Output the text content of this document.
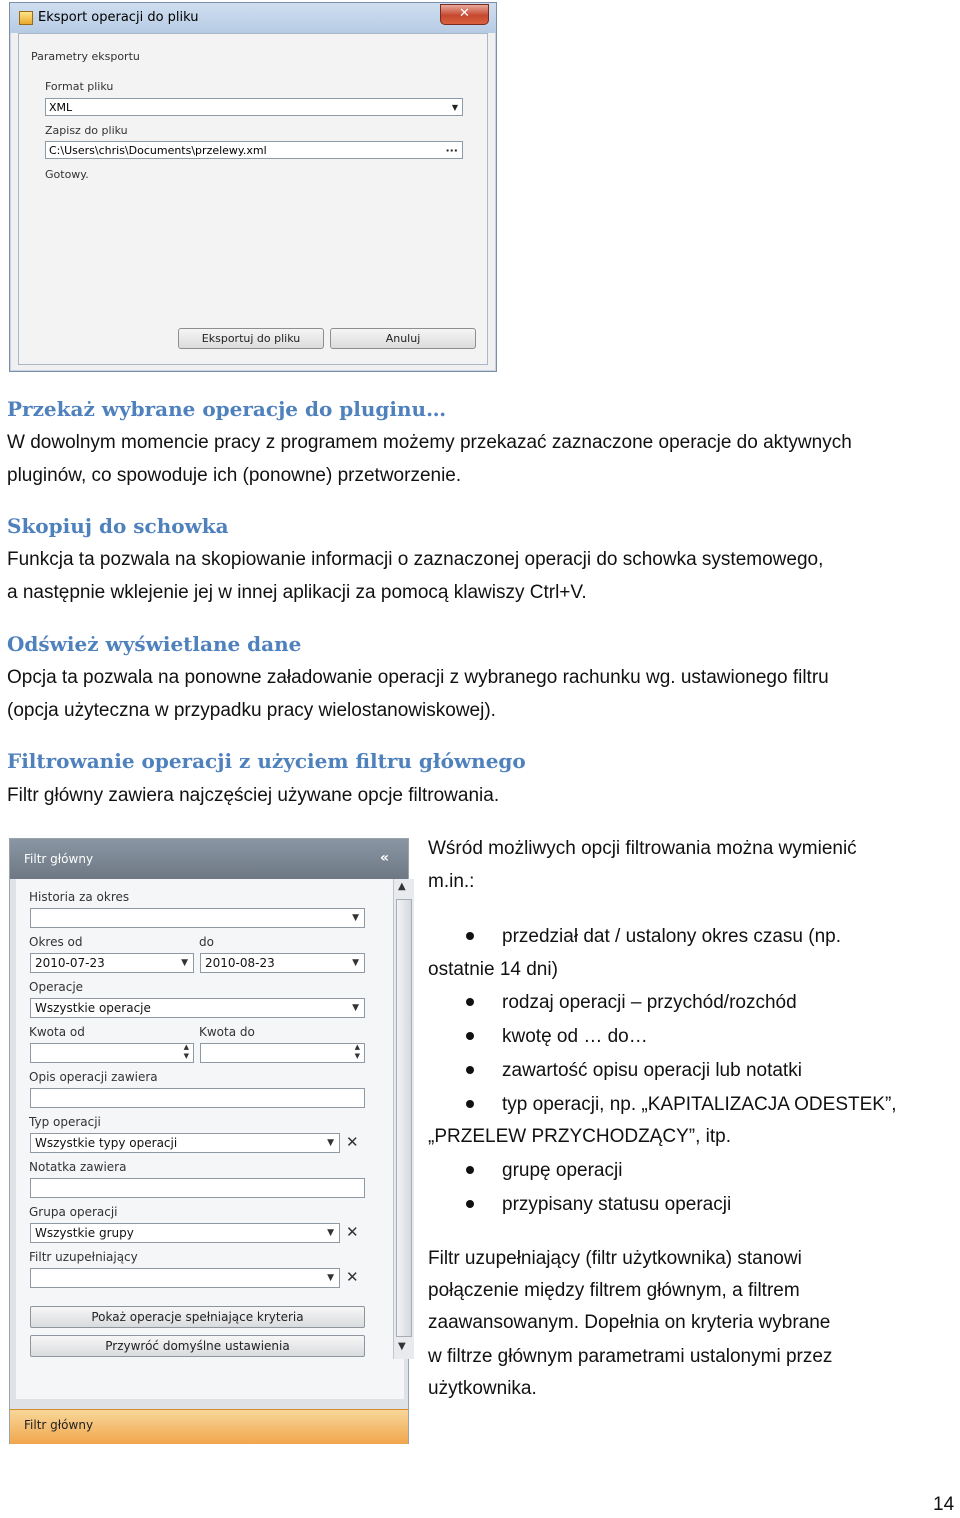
Eksport operacji do pliku	✕
Parametry eksportu
Format pliku
XML	▼
Zapisz do pliku
C:\Users\chris\Documents\przelewy.xml	···
Gotowy.
Eksportuj do pliku	Anuluj
Przekaż wybrane operacje do pluginu…
W dowolnym momencie pracy z programem możemy przekazać zaznaczone operacje do aktywnych
pluginów, co spowoduje ich (ponowne) przetworzenie.
Skopiuj do schowka
Funkcja ta pozwala na skopiowanie informacji o zaznaczonej operacji do schowka systemowego,
a następnie wklejenie jej w innej aplikacji za pomocą klawiszy Ctrl+V.
Odśwież wyświetlane dane
Opcja ta pozwala na ponowne załadowanie operacji z wybranego rachunku wg. ustawionego filtru
(opcja użyteczna w przypadku pracy wielostanowiskowej).
Filtrowanie operacji z użyciem filtru głównego
Filtr główny zawiera najczęściej używane opcje filtrowania.
Filtr główny	«
Historia za okres
▼
Okres od	do
2010-07-23	▼	2010-08-23	▼
Operacje
Wszystkie operacje	▼
Kwota od	Kwota do
▲
▼
▲
▼
Opis operacji zawiera
Typ operacji
Wszystkie typy operacji	▼ ✕
Notatka zawiera
Grupa operacji
Wszystkie grupy	▼ ✕
Filtr uzupełniający
▼ ✕
Pokaż operacje spełniające kryteria
Przywróć domyślne ustawienia
▲
▼
Filtr główny
Wśród możliwych opcji filtrowania można wymienić
m.in.:
przedział dat / ustalony okres czasu (np.
ostatnie 14 dni)
rodzaj operacji – przychód/rozchód
kwotę od … do…
zawartość opisu operacji lub notatki
typ operacji, np. „KAPITALIZACJA ODESTEK”,
„PRZELEW PRZYCHODZĄCY”, itp.
grupę operacji
przypisany statusu operacji
Filtr uzupełniający (filtr użytkownika) stanowi
połączenie między filtrem głównym, a filtrem
zaawansowanym. Dopełnia on kryteria wybrane
w filtrze głównym parametrami ustalonymi przez
użytkownika.
14
